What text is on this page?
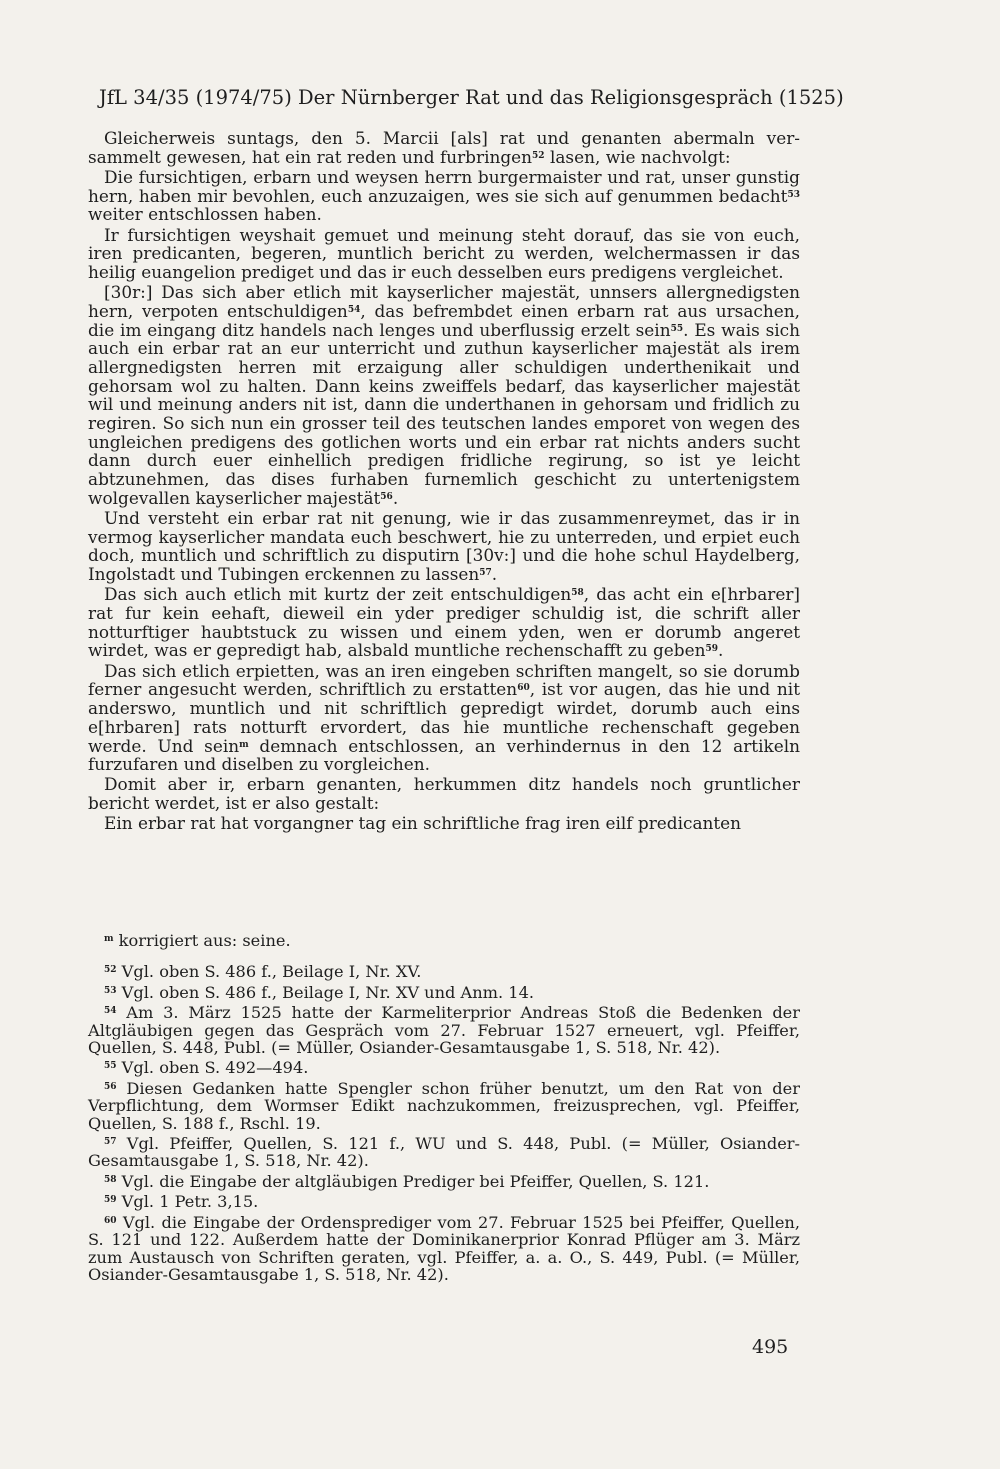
JfL 34/35 (1974/75) Der Nürnberger Rat und das Religionsgespräch (1525)

Gleicherweis suntags, den 5. Marcii [als] rat und genanten abermaln versammelt gewesen, hat ein rat reden und furbringen$^{52}$ lasen, wie nachvolgt:

Die fursichtigen, erbarn und weysen herrn burgermaister und rat, unser gunstig hern, haben mir bevohlen, euch anzuzaigen, wes sie sich auf genummen bedacht$^{53}$ weiter entschlossen haben.

Ir fursichtigen weyshait gemuet und meinung steht dorauf, das sie von euch, iren predicanten, begeren, muntlich bericht zu werden, welchermassen ir das heilig euangelion prediget und das ir euch desselben eurs predigens vergleichet.

[30r:] Das sich aber etlich mit kayserlicher majestät, unnsers allergnedigsten hern, verpoten entschuldigen$^{54}$, das befrembdet einen erbarn rat aus ursachen, die im eingang ditz handels nach lenges und uberflussig erzelt sein$^{55}$. Es wais sich auch ein erbar rat an eur unterricht und zuthun kayserlicher majestät als irem allergnedigsten herren mit erzaigung aller schuldigen underthenikait und gehorsam wol zu halten. Dann keins zweiffels bedarf, das kayserlicher majestät wil und meinung anders nit ist, dann die underthanen in gehorsam und fridlich zu regiren. So sich nun ein grosser teil des teutschen landes emporet von wegen des ungleichen predigens des gotlichen worts und ein erbar rat nichts anders sucht dann durch euer einhellich predigen fridliche regirung, so ist ye leicht abtzunehmen, das dises furhaben furnemlich geschicht zu untertenigstem wolgevallen kayserlicher majestät$^{56}$.

Und versteht ein erbar rat nit genung, wie ir das zusammenreymet, das ir in vermog kayserlicher mandata euch beschwert, hie zu unterreden, und erpiet euch doch, muntlich und schriftlich zu disputirn [30v:] und die hohe schul Haydelberg, Ingolstadt und Tubingen erckennen zu lassen$^{57}$.

Das sich auch etlich mit kurtz der zeit entschuldigen$^{58}$, das acht ein e[hrbarer] rat fur kein eehaft, dieweil ein yder prediger schuldig ist, die schrift aller notturftiger haubtstuck zu wissen und einem yden, wen er dorumb angeret wirdet, was er gepredigt hab, alsbald muntliche rechenschafft zu geben$^{59}$.

Das sich etlich erpietten, was an iren eingeben schriften mangelt, so sie dorumb ferner angesucht werden, schriftlich zu erstatten$^{60}$, ist vor augen, das hie und nit anderswo, muntlich und nit schriftlich gepredigt wirdet, dorumb auch eins e[hrbaren] rats notturft ervordert, das hie muntliche rechenschaft gegeben werde. Und sein$^m$ demnach entschlossen, an verhindernus in den 12 artikeln furzufaren und diselben zu vorgleichen.

Domit aber ir, erbarn genanten, herkummen ditz handels noch gruntlicher bericht werdet, ist er also gestalt:

Ein erbar rat hat vorgangner tag ein schriftliche frag iren eilf predicanten

$^m$ korrigiert aus: seine.
$^{52}$ Vgl. oben S. 486 f., Beilage I, Nr. XV.
$^{53}$ Vgl. oben S. 486 f., Beilage I, Nr. XV und Anm. 14.
$^{54}$ Am 3. März 1525 hatte der Karmeliterprior Andreas Stoß die Bedenken der Altgläubigen gegen das Gespräch vom 27. Februar 1527 erneuert, vgl. Pfeiffer, Quellen, S. 448, Publ. (= Müller, Osiander-Gesamtausgabe 1, S. 518, Nr. 42).
$^{55}$ Vgl. oben S. 492—494.
$^{56}$ Diesen Gedanken hatte Spengler schon früher benutzt, um den Rat von der Verpflichtung, dem Wormser Edikt nachzukommen, freizusprechen, vgl. Pfeiffer, Quellen, S. 188 f., Rschl. 19.
$^{57}$ Vgl. Pfeiffer, Quellen, S. 121 f., WU und S. 448, Publ. (= Müller, Osiander-Gesamtausgabe 1, S. 518, Nr. 42).
$^{58}$ Vgl. die Eingabe der altgläubigen Prediger bei Pfeiffer, Quellen, S. 121.
$^{59}$ Vgl. 1 Petr. 3,15.
$^{60}$ Vgl. die Eingabe der Ordensprediger vom 27. Februar 1525 bei Pfeiffer, Quellen, S. 121 und 122. Außerdem hatte der Dominikanerprior Konrad Pflüger am 3. März zum Austausch von Schriften geraten, vgl. Pfeiffer, a. a. O., S. 449, Publ. (= Müller, Osiander-Gesamtausgabe 1, S. 518, Nr. 42).
495
